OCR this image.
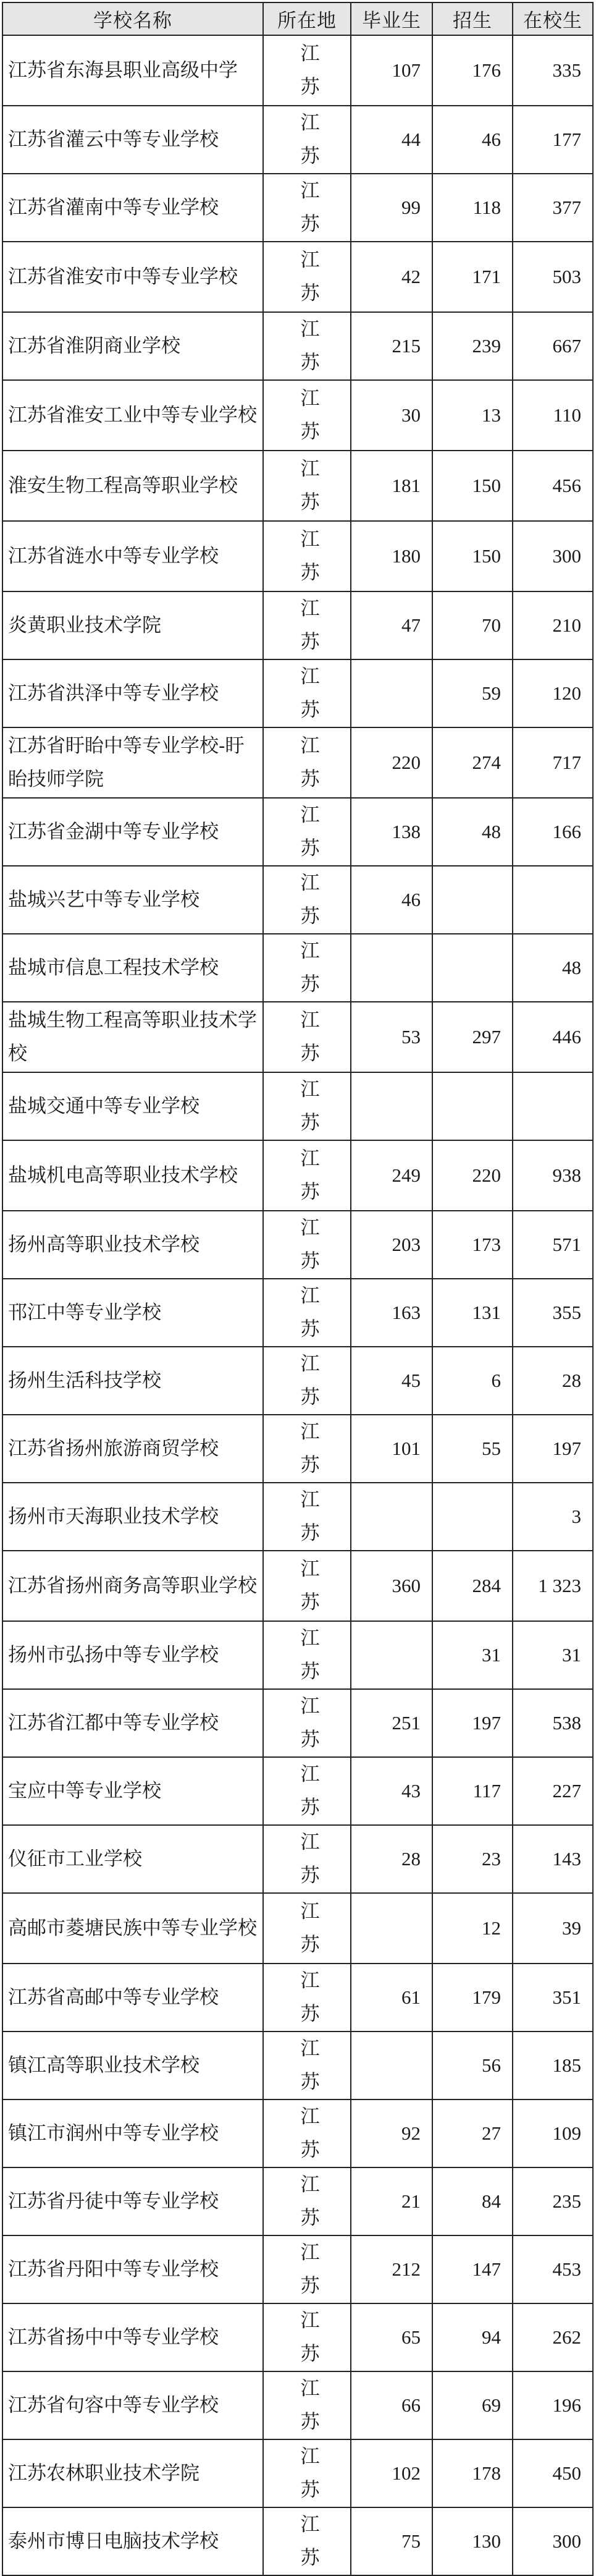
学校名称	所在地	毕业生	招生	在校生
江苏省东海县职业高级中学	江苏	107	176	335
江苏省灌云中等专业学校	江苏	44	46	177
江苏省灌南中等专业学校	江苏	99	118	377
江苏省淮安市中等专业学校	江苏	42	171	503
江苏省淮阴商业学校	江苏	215	239	667
江苏省淮安工业中等专业学校	江苏	30	13	110
淮安生物工程高等职业学校	江苏	181	150	456
江苏省涟水中等专业学校	江苏	180	150	300
炎黄职业技术学院	江苏	47	70	210
江苏省洪泽中等专业学校	江苏		59	120
江苏省盱眙中等专业学校-盱眙技师学院	江苏	220	274	717
江苏省金湖中等专业学校	江苏	138	48	166
盐城兴艺中等专业学校	江苏	46		
盐城市信息工程技术学校	江苏			48
盐城生物工程高等职业技术学校	江苏	53	297	446
盐城交通中等专业学校	江苏			
盐城机电高等职业技术学校	江苏	249	220	938
扬州高等职业技术学校	江苏	203	173	571
邗江中等专业学校	江苏	163	131	355
扬州生活科技学校	江苏	45	6	28
江苏省扬州旅游商贸学校	江苏	101	55	197
扬州市天海职业技术学校	江苏			3
江苏省扬州商务高等职业学校	江苏	360	284	1 323
扬州市弘扬中等专业学校	江苏		31	31
江苏省江都中等专业学校	江苏	251	197	538
宝应中等专业学校	江苏	43	117	227
仪征市工业学校	江苏	28	23	143
高邮市菱塘民族中等专业学校	江苏		12	39
江苏省高邮中等专业学校	江苏	61	179	351
镇江高等职业技术学校	江苏		56	185
镇江市润州中等专业学校	江苏	92	27	109
江苏省丹徒中等专业学校	江苏	21	84	235
江苏省丹阳中等专业学校	江苏	212	147	453
江苏省扬中中等专业学校	江苏	65	94	262
江苏省句容中等专业学校	江苏	66	69	196
江苏农林职业技术学院	江苏	102	178	450
泰州市博日电脑技术学校	江苏	75	130	300
